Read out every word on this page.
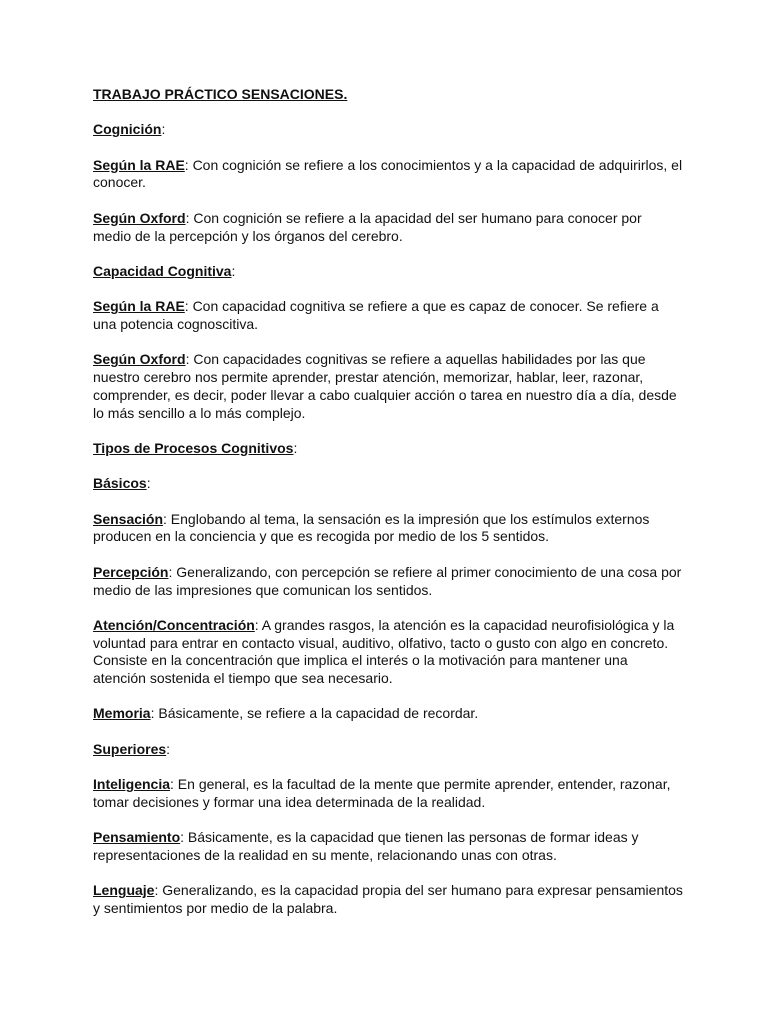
TRABAJO PRÁCTICO SENSACIONES.
Cognición:
Según la RAE: Con cognición se refiere a los conocimientos y a la capacidad de adquirirlos, el conocer.
Según Oxford: Con cognición se refiere a la apacidad del ser humano para conocer por medio de la percepción y los órganos del cerebro.
Capacidad Cognitiva:
Según la RAE: Con capacidad cognitiva se refiere a que es capaz de conocer. Se refiere a una potencia cognoscitiva.
Según Oxford: Con capacidades cognitivas se refiere a aquellas habilidades por las que nuestro cerebro nos permite aprender, prestar atención, memorizar, hablar, leer, razonar, comprender, es decir, poder llevar a cabo cualquier acción o tarea en nuestro día a día, desde lo más sencillo a lo más complejo.
Tipos de Procesos Cognitivos:
Básicos:
Sensación: Englobando al tema, la sensación es la impresión que los estímulos externos producen en la conciencia y que es recogida por medio de los 5 sentidos.
Percepción: Generalizando, con percepción se refiere al primer conocimiento de una cosa por medio de las impresiones que comunican los sentidos.
Atención/Concentración: A grandes rasgos, la atención es la capacidad neurofisiológica y la voluntad para entrar en contacto visual, auditivo, olfativo, tacto o gusto con algo en concreto. Consiste en la concentración que implica el interés o la motivación para mantener una atención sostenida el tiempo que sea necesario.
Memoria: Básicamente, se refiere a la capacidad de recordar.
Superiores:
Inteligencia: En general, es la facultad de la mente que permite aprender, entender, razonar, tomar decisiones y formar una idea determinada de la realidad.
Pensamiento: Básicamente, es la capacidad que tienen las personas de formar ideas y representaciones de la realidad en su mente, relacionando unas con otras.
Lenguaje: Generalizando, es la capacidad propia del ser humano para expresar pensamientos y sentimientos por medio de la palabra.
